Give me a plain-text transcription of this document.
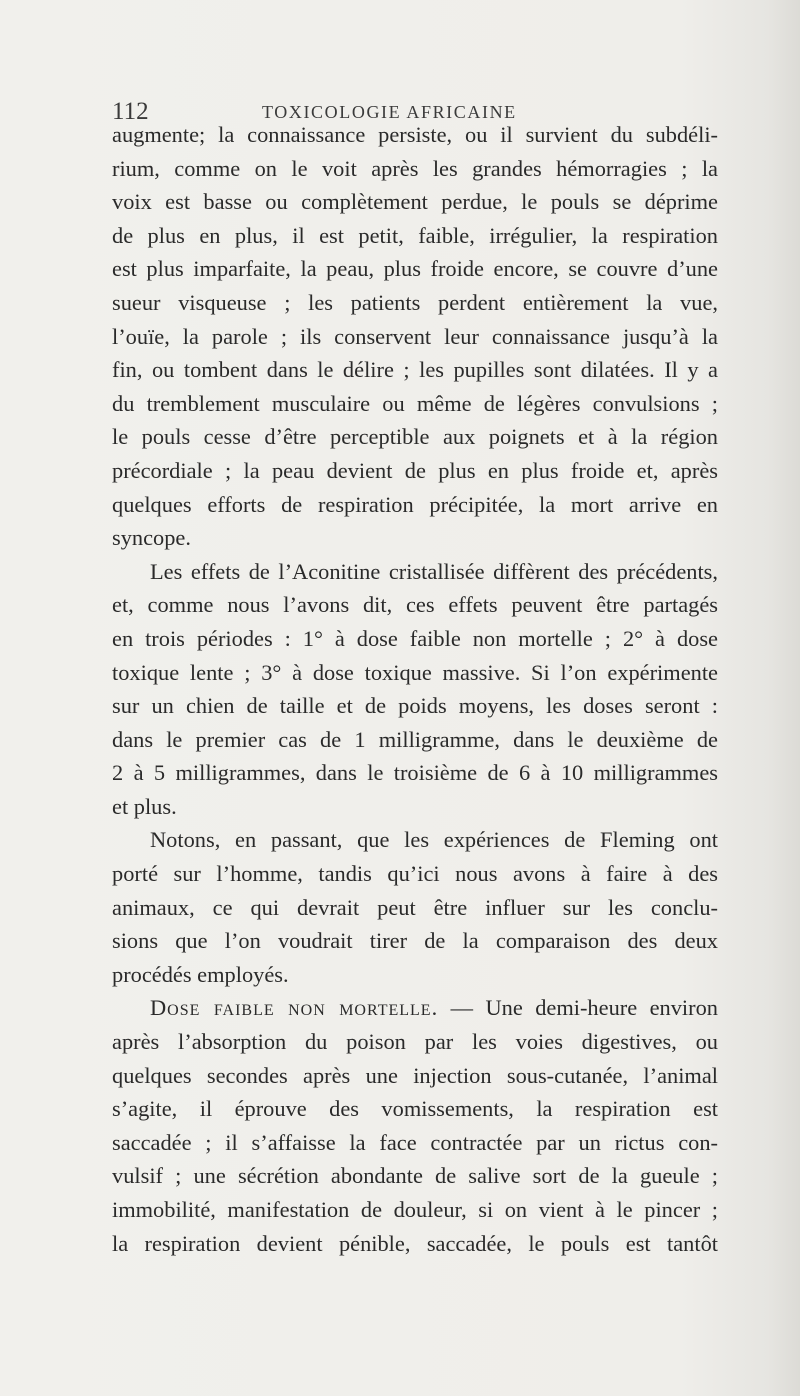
112	TOXICOLOGIE AFRICAINE
augmente; la connaissance persiste, ou il survient du subdéli-
rium, comme on le voit après les grandes hémorragies ; la
voix est basse ou complètement perdue, le pouls se déprime
de plus en plus, il est petit, faible, irrégulier, la respiration
est plus imparfaite, la peau, plus froide encore, se couvre d’une
sueur visqueuse ; les patients perdent entièrement la vue,
l’ouïe, la parole ; ils conservent leur connaissance jusqu’à la
fin, ou tombent dans le délire ; les pupilles sont dilatées. Il y a
du tremblement musculaire ou même de légères convulsions ;
le pouls cesse d’être perceptible aux poignets et à la région
précordiale ; la peau devient de plus en plus froide et, après
quelques efforts de respiration précipitée, la mort arrive en
syncope.
Les effets de l’Aconitine cristallisée diffèrent des précédents,
et, comme nous l’avons dit, ces effets peuvent être partagés
en trois périodes : 1° à dose faible non mortelle ; 2° à dose
toxique lente ; 3° à dose toxique massive. Si l’on expérimente
sur un chien de taille et de poids moyens, les doses seront :
dans le premier cas de 1 milligramme, dans le deuxième de
2 à 5 milligrammes, dans le troisième de 6 à 10 milligrammes
et plus.
Notons, en passant, que les expériences de Fleming ont
porté sur l’homme, tandis qu’ici nous avons à faire à des
animaux, ce qui devrait peut être influer sur les conclu-
sions que l’on voudrait tirer de la comparaison des deux
procédés employés.
Dose faible non mortelle. — Une demi-heure environ
après l’absorption du poison par les voies digestives, ou
quelques secondes après une injection sous-cutanée, l’animal
s’agite, il éprouve des vomissements, la respiration est
saccadée ; il s’affaisse la face contractée par un rictus con-
vulsif ; une sécrétion abondante de salive sort de la gueule ;
immobilité, manifestation de douleur, si on vient à le pincer ;
la respiration devient pénible, saccadée, le pouls est tantôt
